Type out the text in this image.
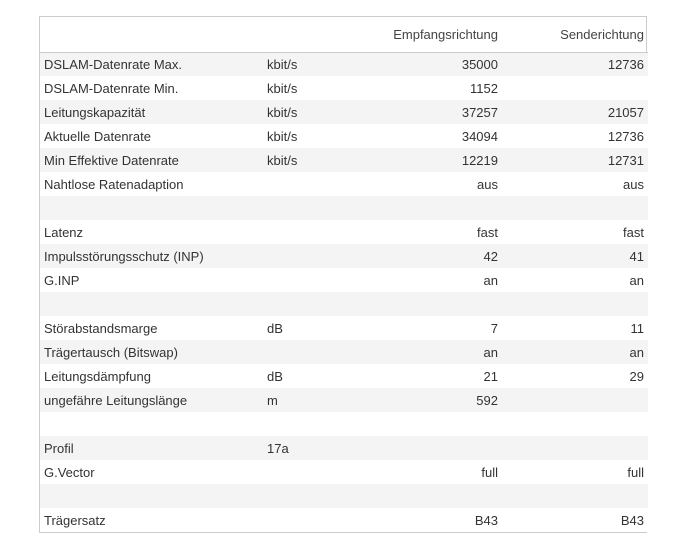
		Empfangsrichtung	Senderichtung
DSLAM-Datenrate Max.	kbit/s	35000	12736
DSLAM-Datenrate Min.	kbit/s	1152	
Leitungskapazität	kbit/s	37257	21057
Aktuelle Datenrate	kbit/s	34094	12736
Min Effektive Datenrate	kbit/s	12219	12731
Nahtlose Ratenadaption		aus	aus

Latenz		fast	fast
Impulsstörungsschutz (INP)		42	41
G.INP		an	an

Störabstandsmarge	dB	7	11
Trägertausch (Bitswap)		an	an
Leitungsdämpfung	dB	21	29
ungefähre Leitungslänge	m	592	

Profil	17a		
G.Vector		full	full

Trägersatz		B43	B43
